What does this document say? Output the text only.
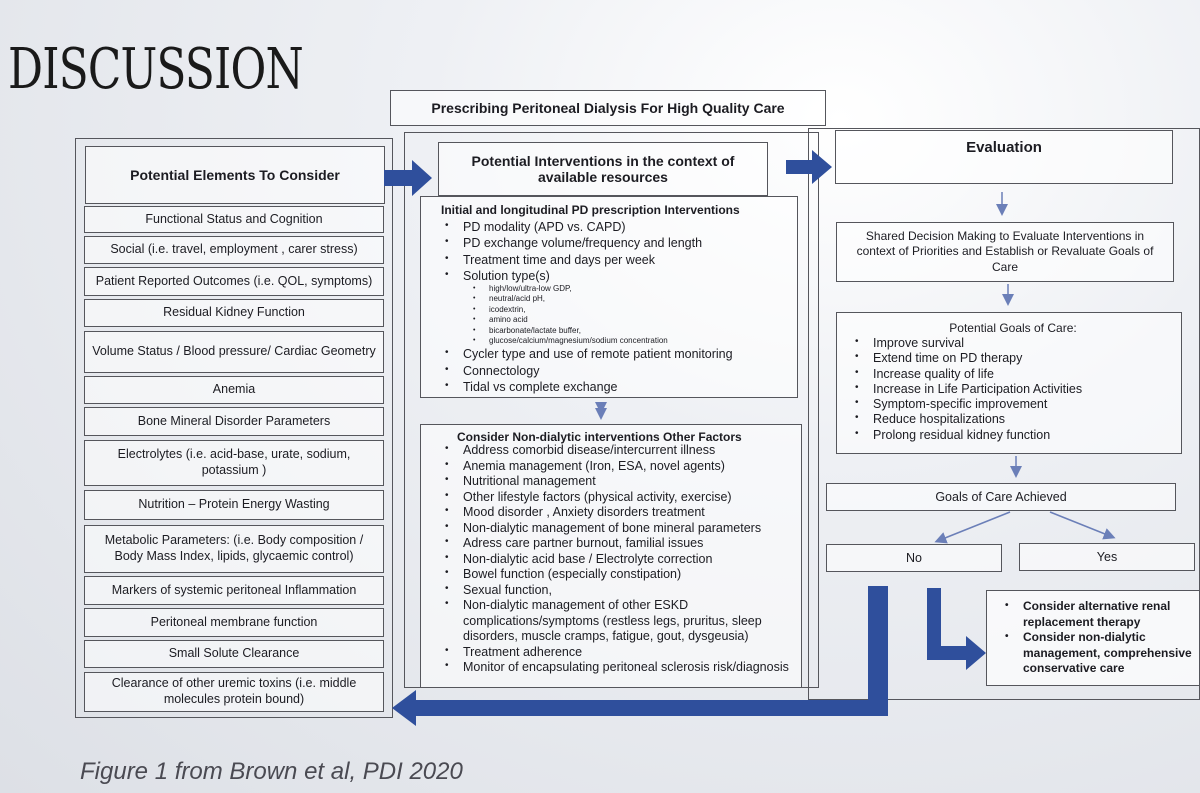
DISCUSSION
Prescribing Peritoneal Dialysis For High Quality Care
Potential Elements To Consider
Functional Status and Cognition
Social (i.e. travel, employment , carer stress)
Patient Reported Outcomes (i.e. QOL, symptoms)
Residual Kidney Function
Volume Status / Blood pressure/ Cardiac Geometry
Anemia
Bone Mineral Disorder Parameters
Electrolytes (i.e. acid-base, urate, sodium, potassium )
Nutrition – Protein Energy Wasting
Metabolic Parameters: (i.e. Body composition / Body Mass Index, lipids, glycaemic control)
Markers of systemic peritoneal Inflammation
Peritoneal membrane function
Small Solute Clearance
Clearance of other uremic toxins (i.e. middle molecules protein bound)
Potential Interventions in the context of available resources
Initial and longitudinal PD prescription Interventions
• PD modality (APD vs. CAPD)
• PD exchange volume/frequency and length
• Treatment time and days per week
• Solution type(s)
• high/low/ultra-low GDP,
• neutral/acid pH,
• icodextrin,
• amino acid
• bicarbonate/lactate buffer,
• glucose/calcium/magnesium/sodium concentration
• Cycler type and use of remote patient monitoring
• Connectology
• Tidal vs complete exchange
Consider Non-dialytic interventions Other Factors
• Address comorbid disease/intercurrent illness
• Anemia management (Iron, ESA, novel agents)
• Nutritional management
• Other lifestyle factors (physical activity, exercise)
• Mood disorder , Anxiety disorders treatment
• Non-dialytic management of bone mineral parameters
• Adress care partner burnout, familial issues
• Non-dialytic acid base / Electrolyte correction
• Bowel function (especially constipation)
• Sexual function,
• Non-dialytic management of other ESKD complications/symptoms (restless legs, pruritus, sleep disorders, muscle cramps, fatigue, gout, dysgeusia)
• Treatment adherence
• Monitor of encapsulating peritoneal sclerosis risk/diagnosis
Evaluation
Shared Decision Making to Evaluate Interventions in context of Priorities and Establish or Revaluate Goals of Care
Potential Goals of Care:
• Improve survival
• Extend time on PD therapy
• Increase quality of life
• Increase in Life Participation Activities
• Symptom-specific improvement
• Reduce hospitalizations
• Prolong residual kidney function
Goals of Care Achieved
No	Yes
• Consider alternative renal replacement therapy
• Consider non-dialytic management, comprehensive conservative care
Figure 1 from Brown et al, PDI 2020
